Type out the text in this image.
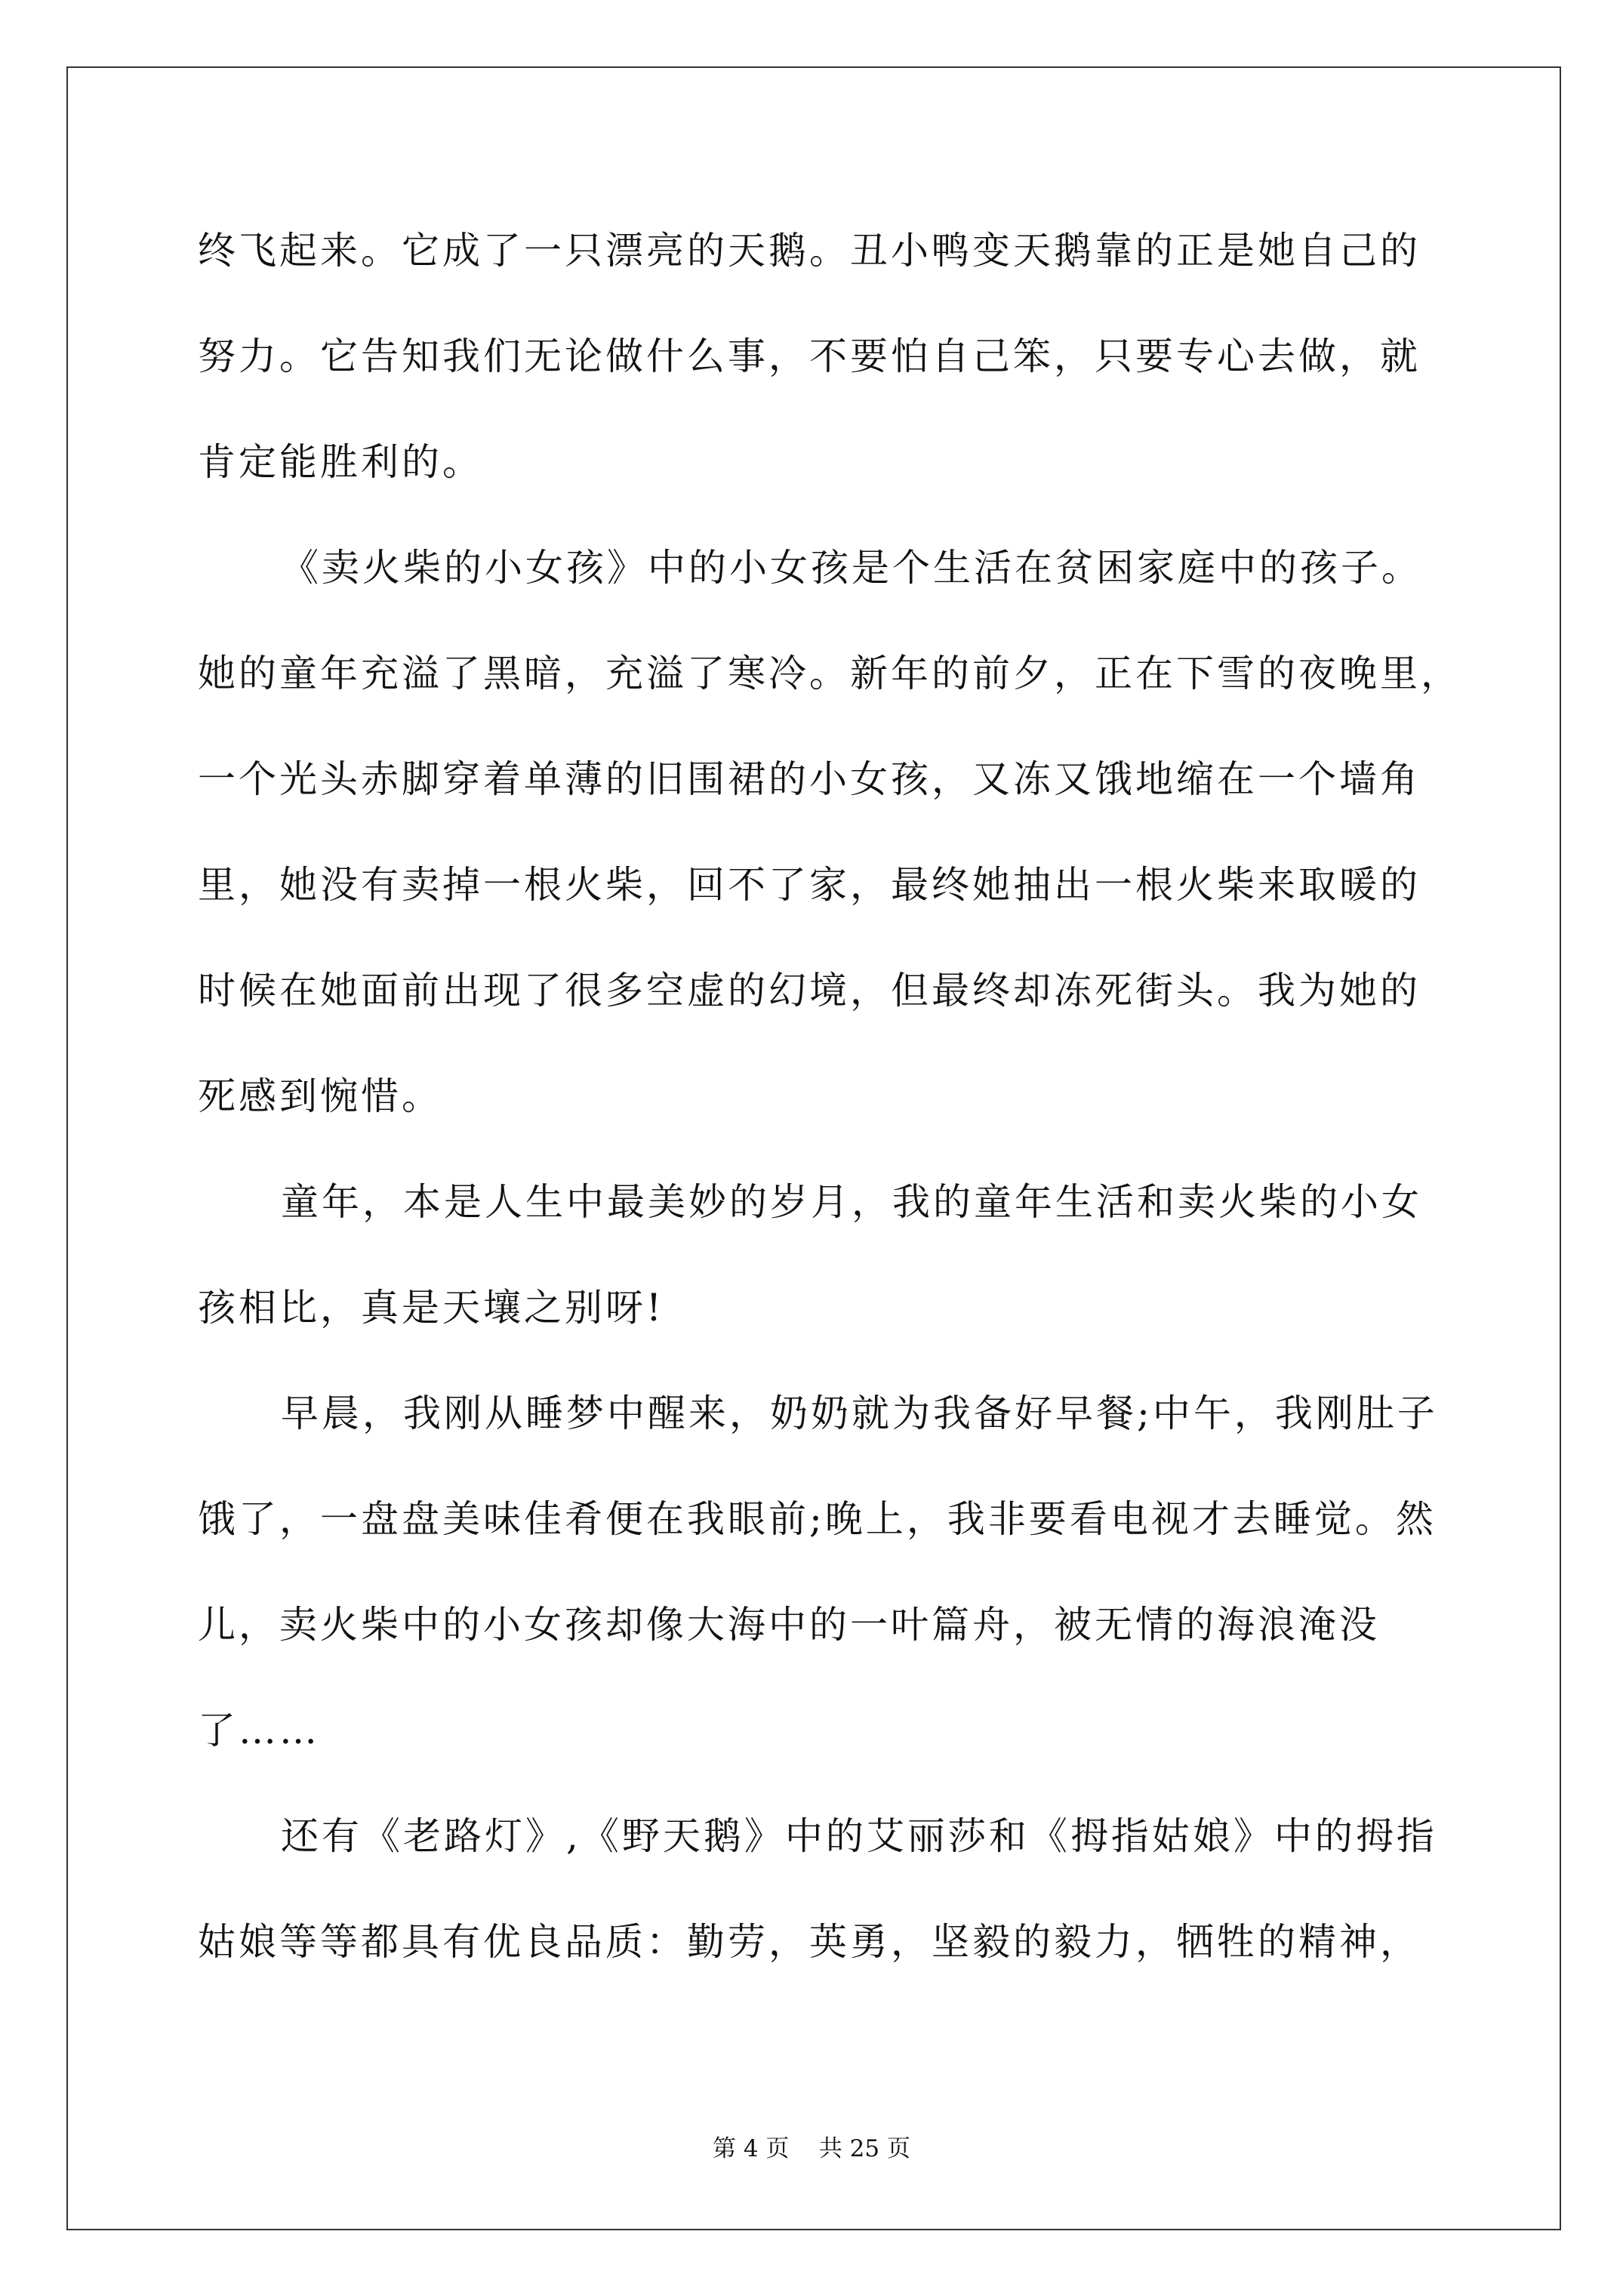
终飞起来。它成了一只漂亮的天鹅。丑小鸭变天鹅靠的正是她自己的
努力。它告知我们无论做什么事，不要怕自己笨，只要专心去做，就
肯定能胜利的。
《卖火柴的小女孩》中的小女孩是个生活在贫困家庭中的孩子。
她的童年充溢了黑暗，充溢了寒冷。新年的前夕，正在下雪的夜晚里，
一个光头赤脚穿着单薄的旧围裙的小女孩，又冻又饿地缩在一个墙角
里，她没有卖掉一根火柴，回不了家，最终她抽出一根火柴来取暖的
时候在她面前出现了很多空虚的幻境，但最终却冻死街头。我为她的
死感到惋惜。
童年，本是人生中最美妙的岁月，我的童年生活和卖火柴的小女
孩相比，真是天壤之别呀!
早晨，我刚从睡梦中醒来，奶奶就为我备好早餐;中午，我刚肚子
饿了，一盘盘美味佳肴便在我眼前;晚上，我非要看电视才去睡觉。然
儿，卖火柴中的小女孩却像大海中的一叶篇舟，被无情的海浪淹没
了……
还有《老路灯》,《野天鹅》中的艾丽莎和《拇指姑娘》中的拇指
姑娘等等都具有优良品质：勤劳，英勇，坚毅的毅力，牺牲的精神，
第 4 页    共 25 页
